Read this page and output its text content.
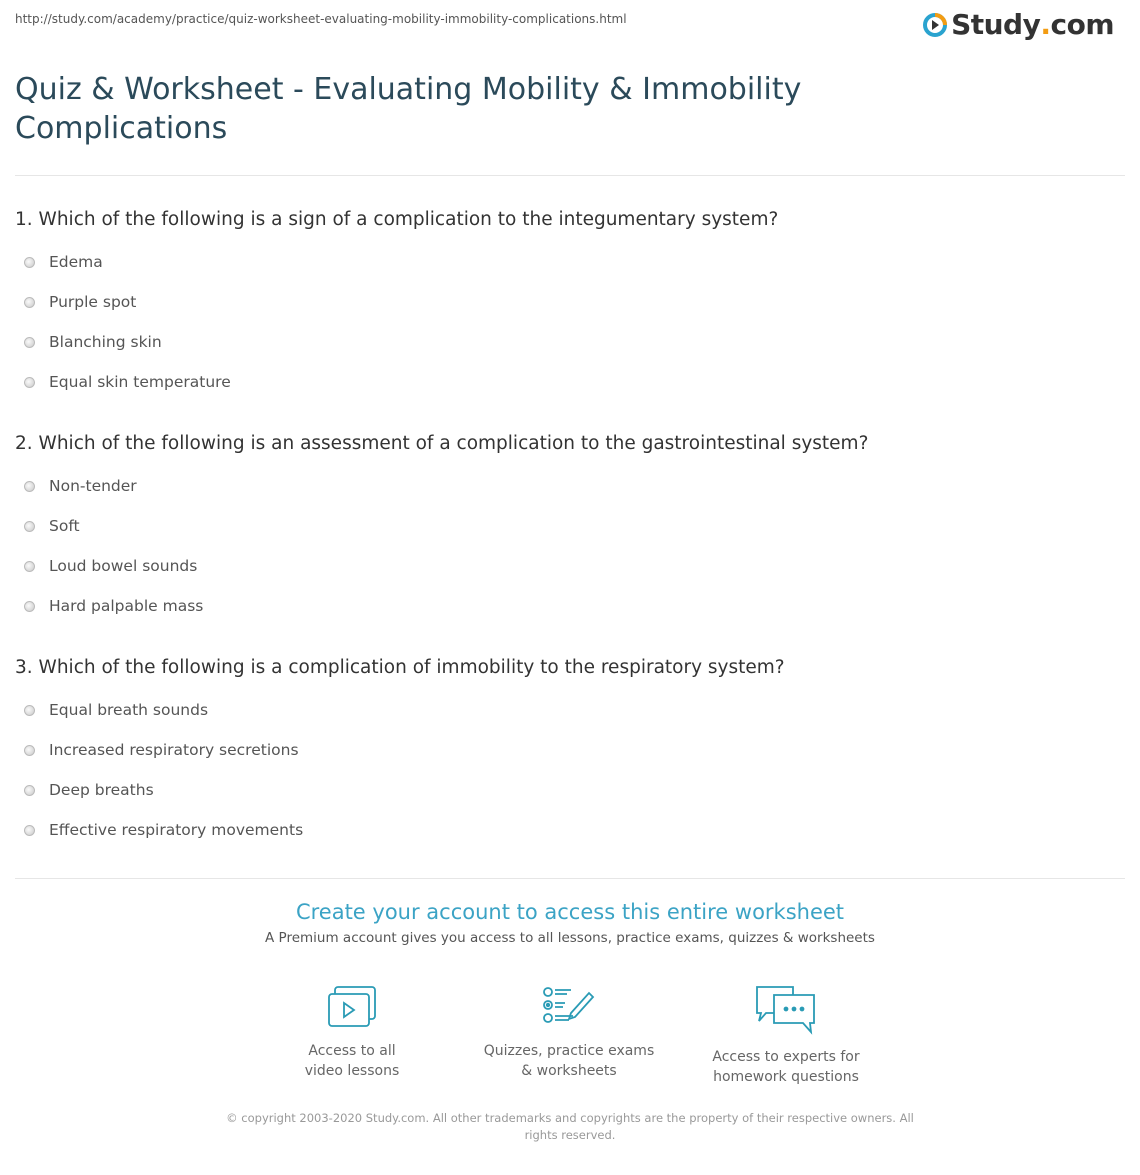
http://study.com/academy/practice/quiz-worksheet-evaluating-mobility-immobility-complications.html	Study . com
Quiz & Worksheet - Evaluating Mobility & Immobility Complications
1. Which of the following is a sign of a complication to the integumentary system?
Edema
Purple spot
Blanching skin
Equal skin temperature
2. Which of the following is an assessment of a complication to the gastrointestinal system?
Non-tender
Soft
Loud bowel sounds
Hard palpable mass
3. Which of the following is a complication of immobility to the respiratory system?
Equal breath sounds
Increased respiratory secretions
Deep breaths
Effective respiratory movements
Create your account to access this entire worksheet
A Premium account gives you access to all lessons, practice exams, quizzes & worksheets
Access to all
video lessons
Quizzes, practice exams
& worksheets
Access to experts for
homework questions
© copyright 2003-2020 Study.com. All other trademarks and copyrights are the property of their respective owners. All rights reserved.
